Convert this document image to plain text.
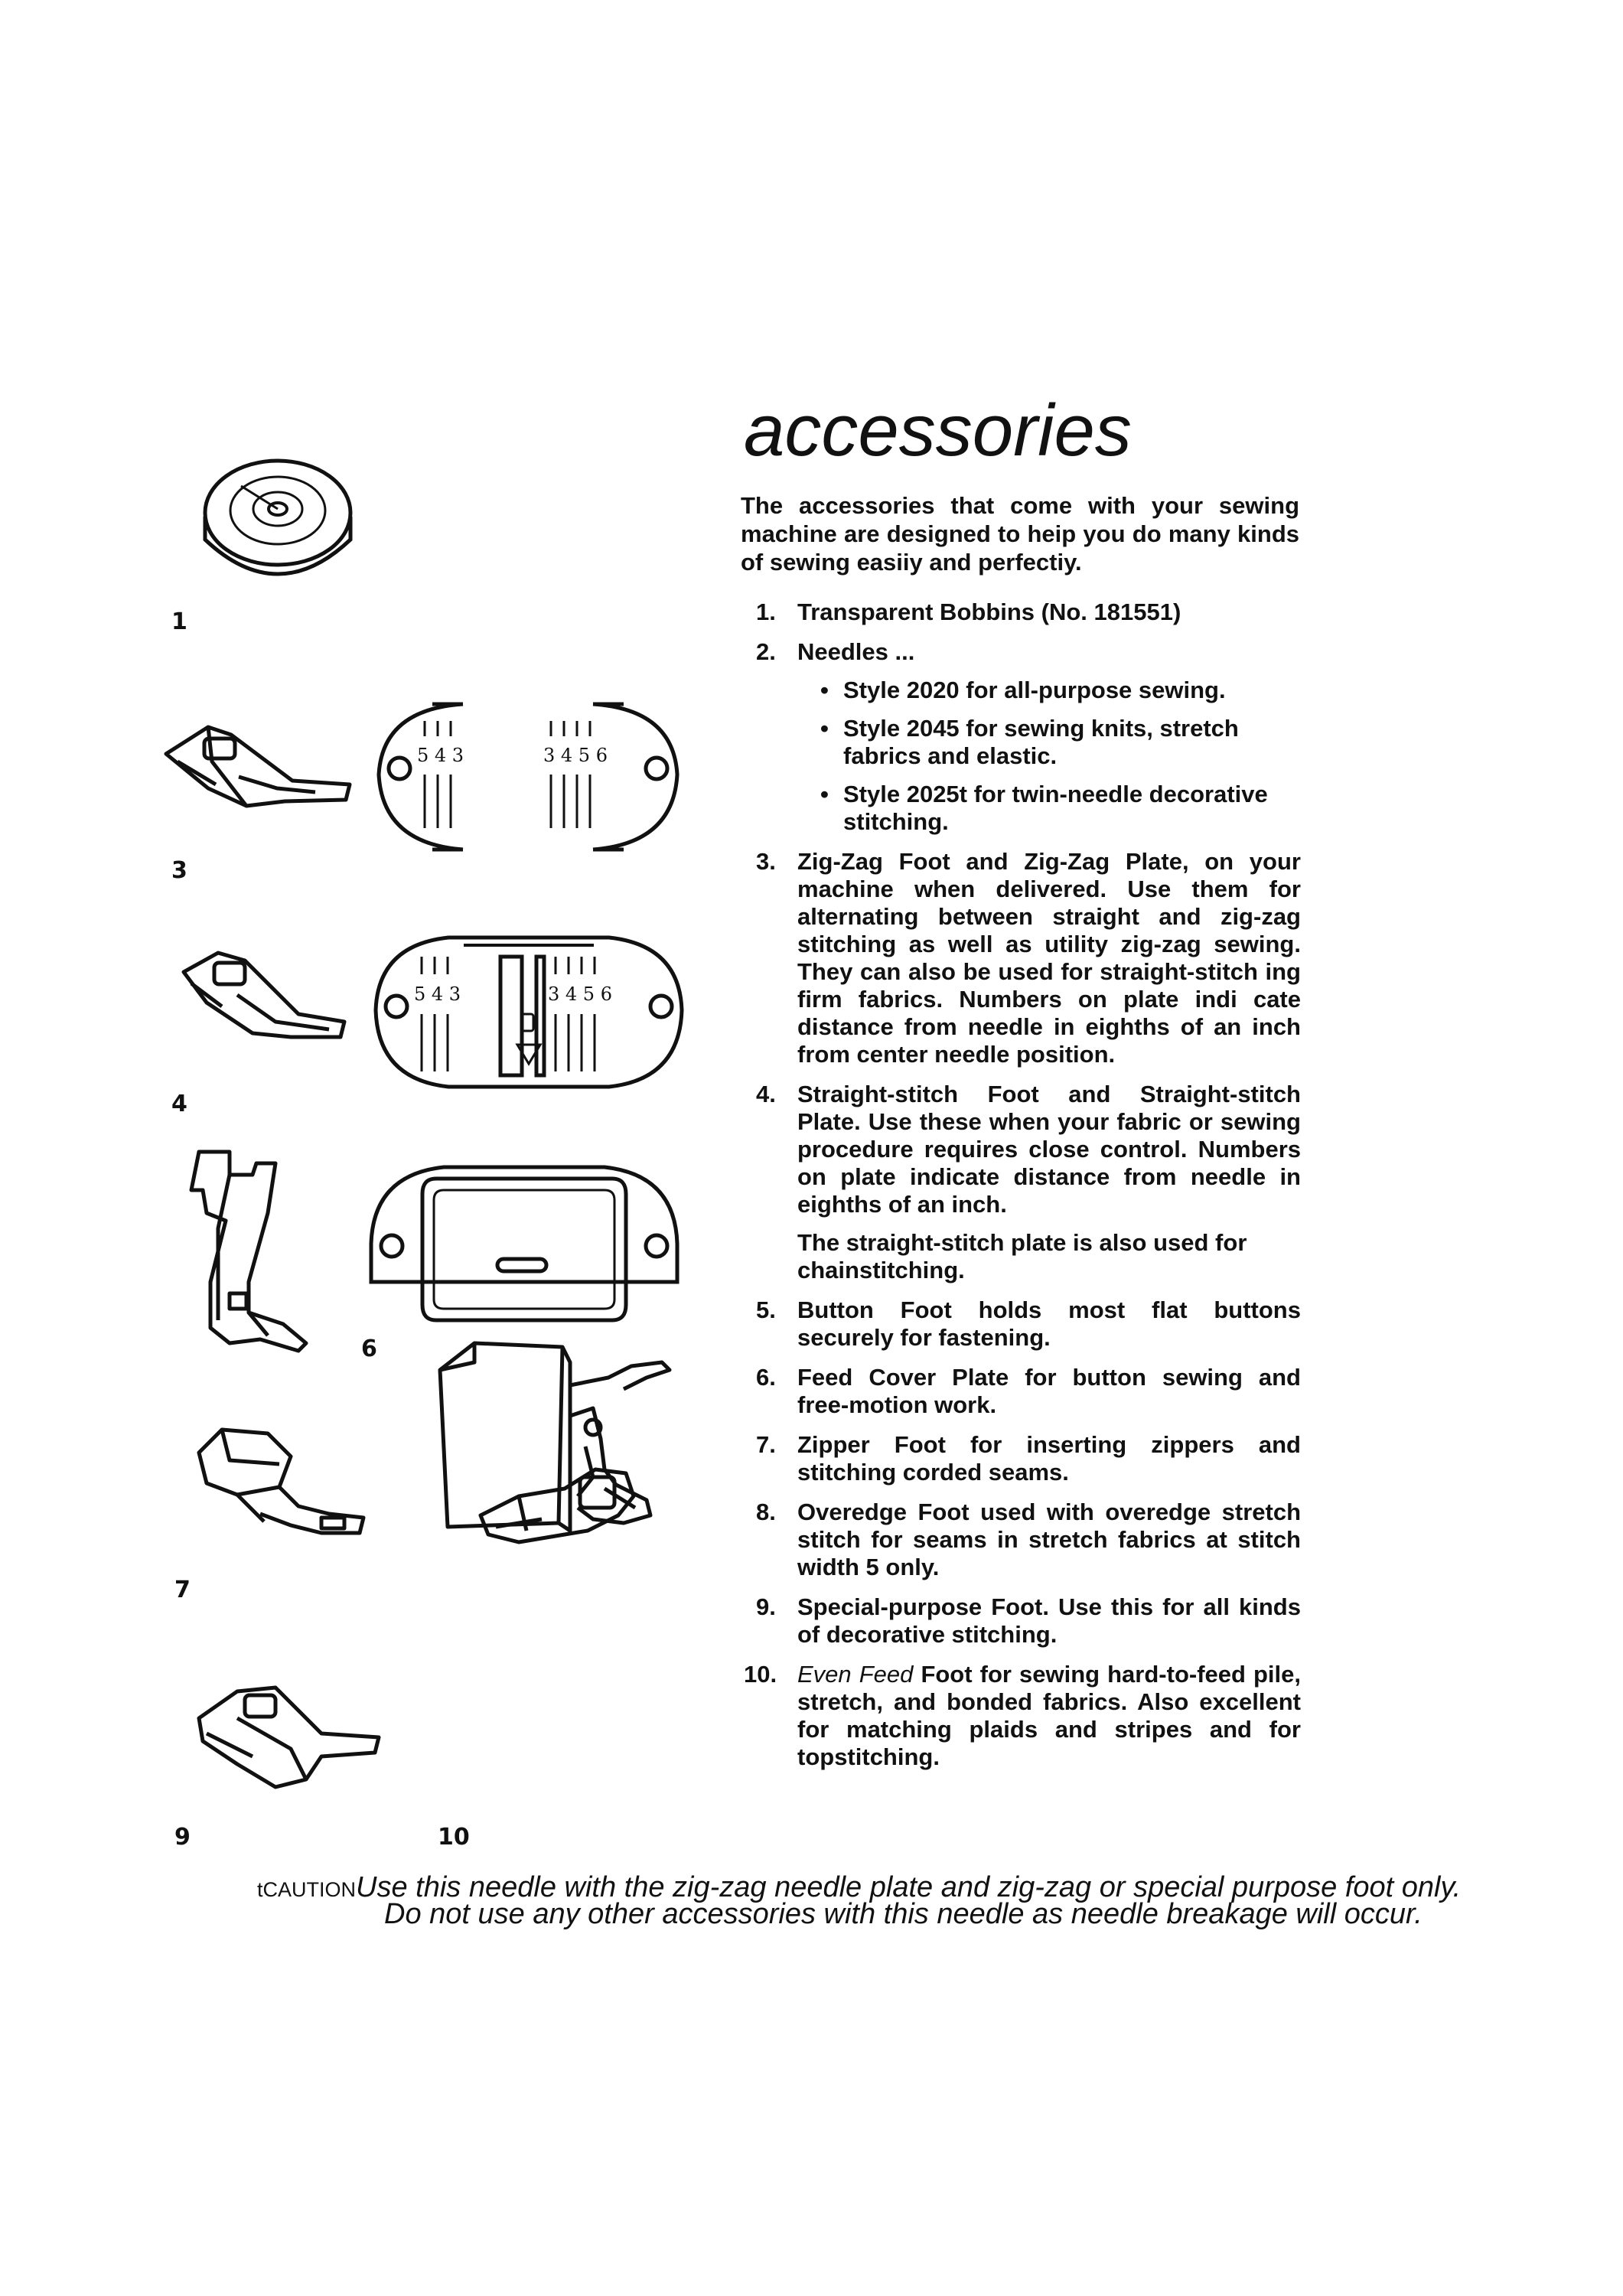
accessories

The accessories that come with your sewing machine are designed to heip you do many kinds of sewing easiiy and perfectiy.

1. Transparent Bobbins (No. 181551)
2. Needles ...
• Style 2020 for all-purpose sewing.
• Style 2045 for sewing knits, stretch fabrics and elastic.
• Style 2025t for twin-needle decorative stitching.
3. Zig-Zag Foot and Zig-Zag Plate, on your machine when delivered. Use them for alternating between straight and zig-zag stitching as well as utility zig-zag sewing. They can also be used for straight-stitch ing firm fabrics. Numbers on plate indi cate distance from needle in eighths of an inch from center needle position.
4. Straight-stitch Foot and Straight-stitch Plate. Use these when your fabric or sewing procedure requires close control. Numbers on plate indicate distance from needle in eighths of an inch.
The straight-stitch plate is also used for chainstitching.
5. Button Foot holds most flat buttons securely for fastening.
6. Feed Cover Plate for button sewing and free-motion work.
7. Zipper Foot for inserting zippers and stitching corded seams.
8. Overedge Foot used with overedge stretch stitch for seams in stretch fabrics at stitch width 5 only.
9. Special-purpose Foot. Use this for all kinds of decorative stitching.
10. Even Feed Foot for sewing hard-to-feed pile, stretch, and bonded fabrics. Also excellent for matching plaids and stripes and for topstitching.
1
3
4
6
7
9	10
5 4 3	3 4 5 6
5 4 3	3 4 5 6
tCAUTIONUse this needle with the zig-zag needle plate and zig-zag or special purpose foot only.
Do not use any other accessories with this needle as needle breakage will occur.
